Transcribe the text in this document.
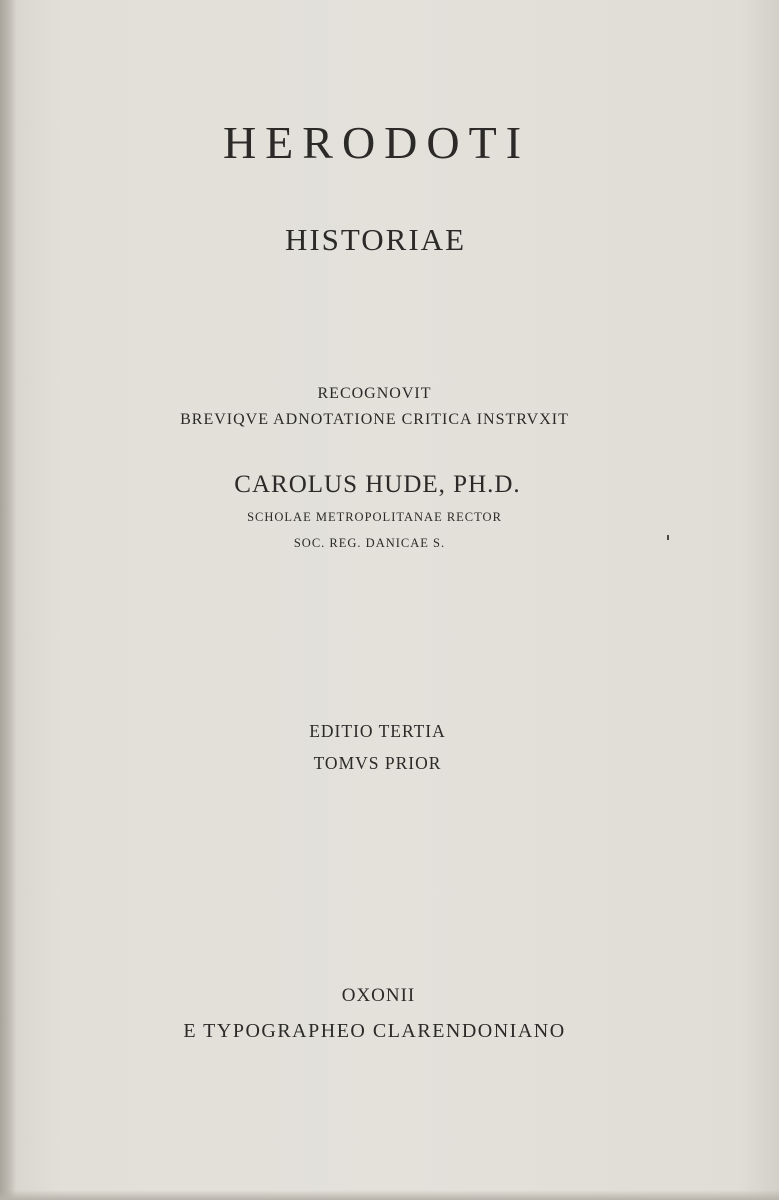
HERODOTI
HISTORIAE
RECOGNOVIT
BREVIQVE ADNOTATIONE CRITICA INSTRVXIT
CAROLUS HUDE, PH.D.
SCHOLAE METROPOLITANAE RECTOR
SOC. REG. DANICAE S.
EDITIO TERTIA
TOMVS PRIOR
OXONII
E TYPOGRAPHEO CLARENDONIANO
